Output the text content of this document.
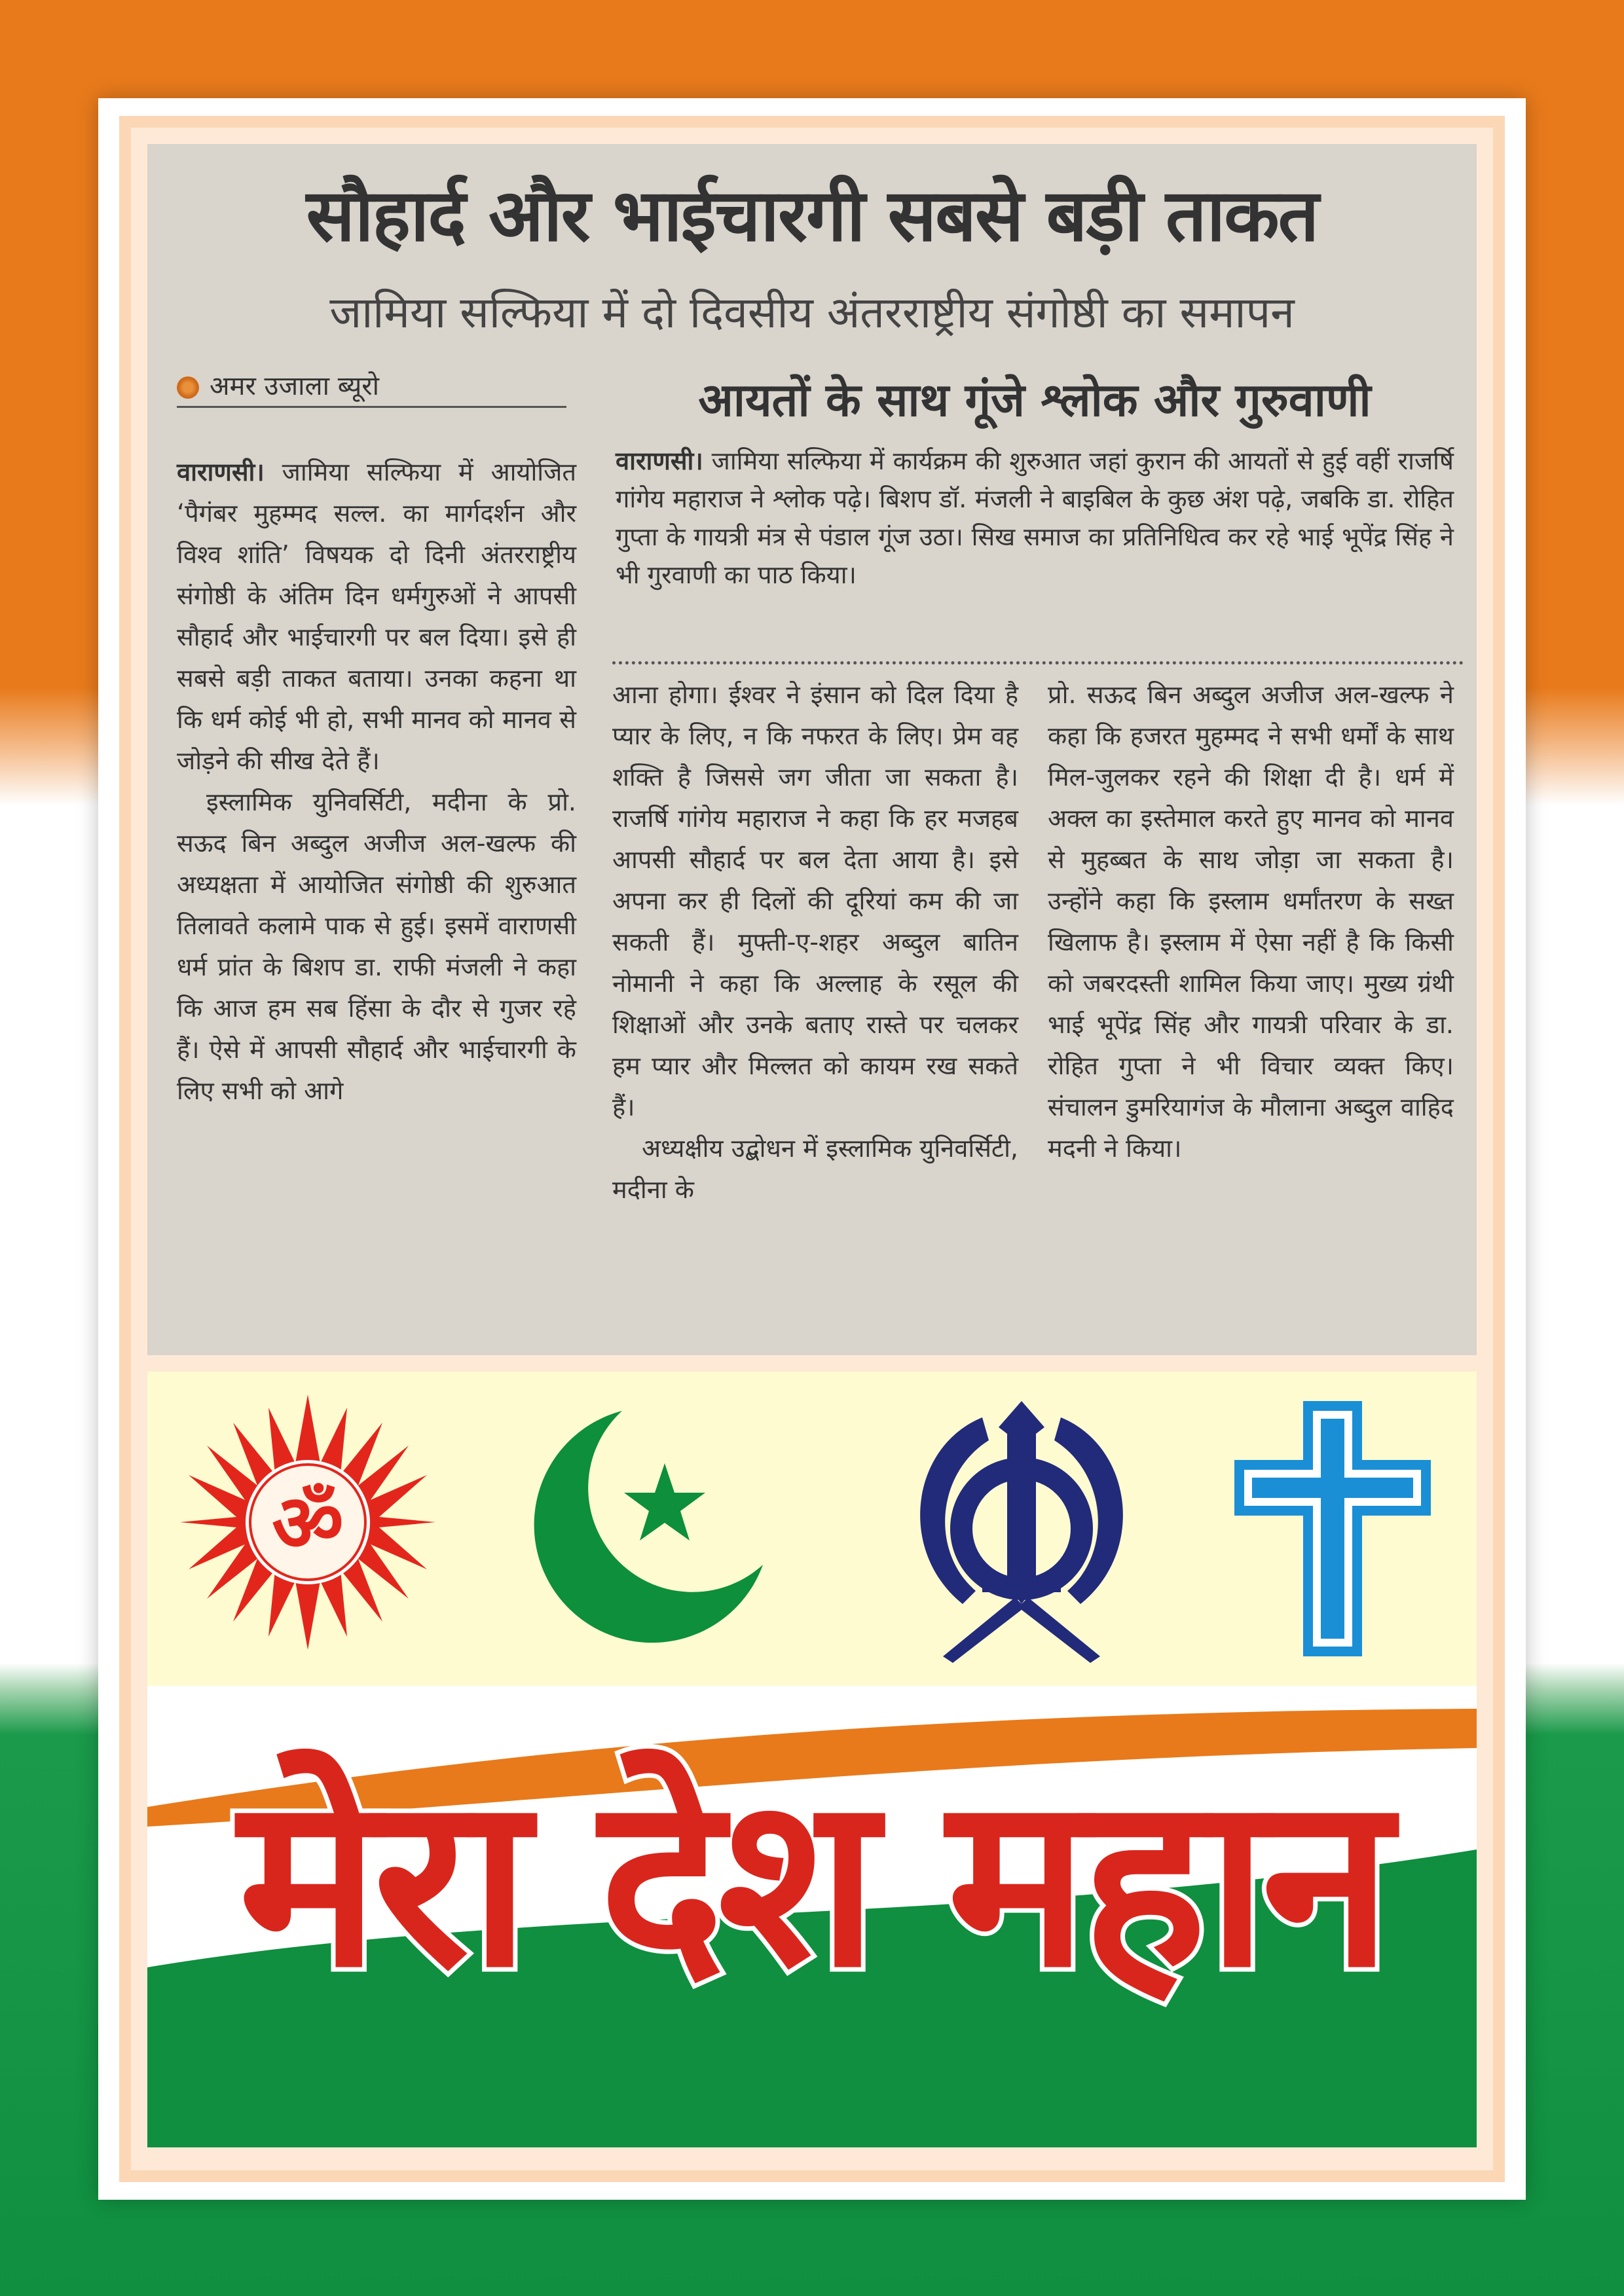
सौहार्द और भाईचारगी सबसे बड़ी ताकत
जामिया सल्फिया में दो दिवसीय अंतरराष्ट्रीय संगोष्ठी का समापन
अमर उजाला ब्यूरो	आयतों के साथ गूंजे श्लोक और गुरुवाणी
वाराणसी। जामिया सल्फिया में कार्यक्रम की शुरुआत जहां कुरान की आयतों से हुई वहीं राजर्षि गांगेय महाराज ने श्लोक पढ़े। बिशप डॉ. मंजली ने बाइबिल के कुछ अंश पढ़े, जबकि डा. रोहित गुप्ता के गायत्री मंत्र से पंडाल गूंज उठा। सिख समाज का प्रतिनिधित्व कर रहे भाई भूपेंद्र सिंह ने भी गुरवाणी का पाठ किया।

वाराणसी। जामिया सल्फिया में आयोजित ‘पैगंबर मुहम्मद सल्ल. का मार्गदर्शन और विश्व शांति’ विषयक दो दिनी अंतरराष्ट्रीय संगोष्ठी के अंतिम दिन धर्मगुरुओं ने आपसी सौहार्द और भाईचारगी पर बल दिया। इसे ही सबसे बड़ी ताकत बताया। उनका कहना था कि धर्म कोई भी हो, सभी मानव को मानव से जोड़ने की सीख देते हैं।

इस्लामिक युनिवर्सिटी, मदीना के प्रो. सऊद बिन अब्दुल अजीज अल-खल्फ की अध्यक्षता में आयोजित संगोष्ठी की शुरुआत तिलावते कलामे पाक से हुई। इसमें वाराणसी धर्म प्रांत के बिशप डा. राफी मंजली ने कहा कि आज हम सब हिंसा के दौर से गुजर रहे हैं। ऐसे में आपसी सौहार्द और भाईचारगी के लिए सभी को आगे

आना होगा। ईश्वर ने इंसान को दिल दिया है प्यार के लिए, न कि नफरत के लिए। प्रेम वह शक्ति है जिससे जग जीता जा सकता है। राजर्षि गांगेय महाराज ने कहा कि हर मजहब आपसी सौहार्द पर बल देता आया है। इसे अपना कर ही दिलों की दूरियां कम की जा सकती हैं। मुफ्ती-ए-शहर अब्दुल बातिन नोमानी ने कहा कि अल्लाह के रसूल की शिक्षाओं और उनके बताए रास्ते पर चलकर हम प्यार और मिल्लत को कायम रख सकते हैं।

अध्यक्षीय उद्बोधन में इस्लामिक युनिवर्सिटी, मदीना के

प्रो. सऊद बिन अब्दुल अजीज अल-खल्फ ने कहा कि हजरत मुहम्मद ने सभी धर्मों के साथ मिल-जुलकर रहने की शिक्षा दी है। धर्म में अक्ल का इस्तेमाल करते हुए मानव को मानव से मुहब्बत के साथ जोड़ा जा सकता है। उन्होंने कहा कि इस्लाम धर्मांतरण के सख्त खिलाफ है। इस्लाम में ऐसा नहीं है कि किसी को जबरदस्ती शामिल किया जाए। मुख्य ग्रंथी भाई भूपेंद्र सिंह और गायत्री परिवार के डा. रोहित गुप्ता ने भी विचार व्यक्त किए। संचालन डुमरियागंज के मौलाना अब्दुल वाहिद मदनी ने किया।

ॐ
मेरा देश महान
